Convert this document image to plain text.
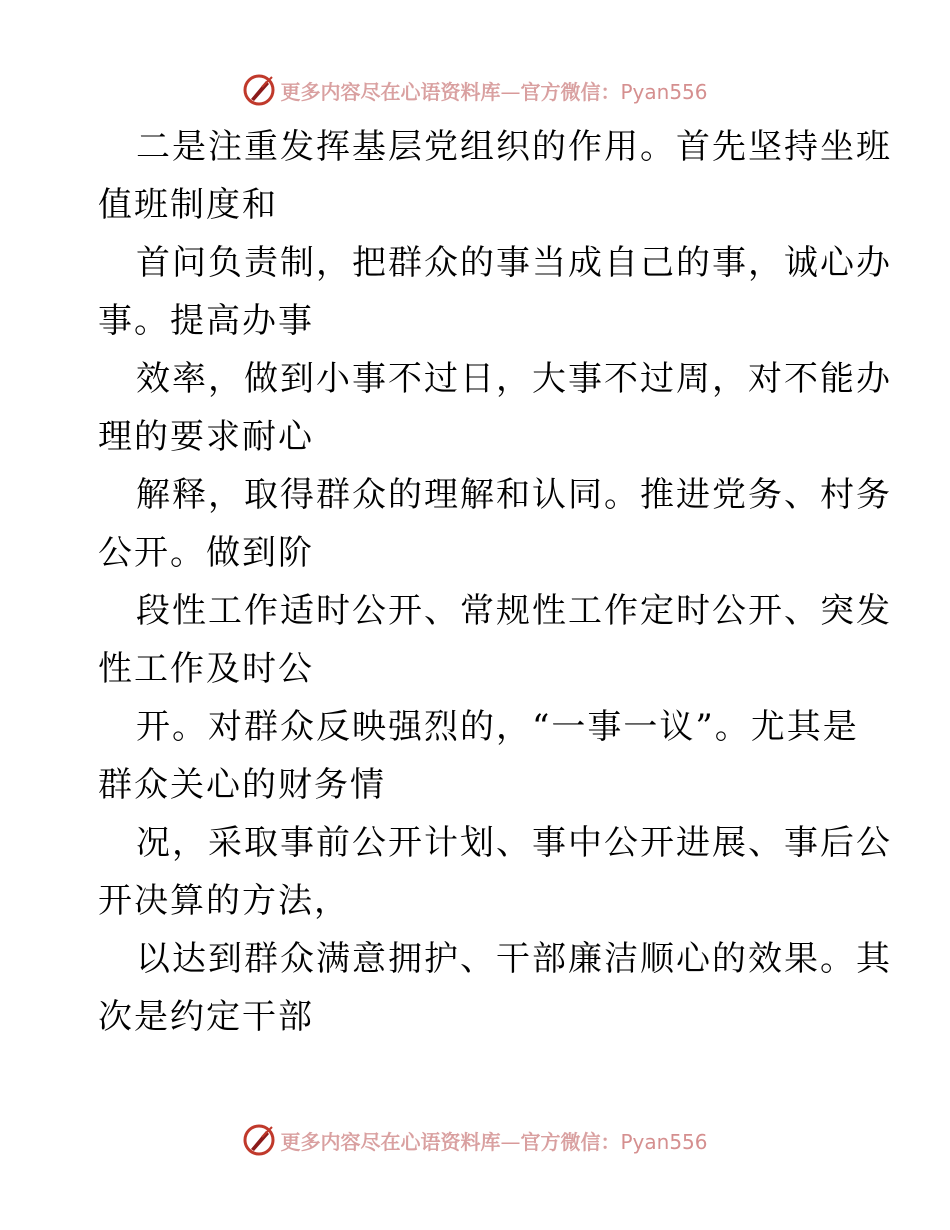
更多内容尽在心语资料库—官方微信：Pyan556

二是注重发挥基层党组织的作用。首先坚持坐班
值班制度和

首问负责制，把群众的事当成自己的事，诚心办
事。提高办事

效率，做到小事不过日，大事不过周，对不能办
理的要求耐心

解释，取得群众的理解和认同。推进党务、村务
公开。做到阶

段性工作适时公开、常规性工作定时公开、突发
性工作及时公

开。对群众反映强烈的，“一事一议”。尤其是
群众关心的财务情

况，采取事前公开计划、事中公开进展、事后公
开决算的方法，

以达到群众满意拥护、干部廉洁顺心的效果。其
次是约定干部

更多内容尽在心语资料库—官方微信：Pyan556
